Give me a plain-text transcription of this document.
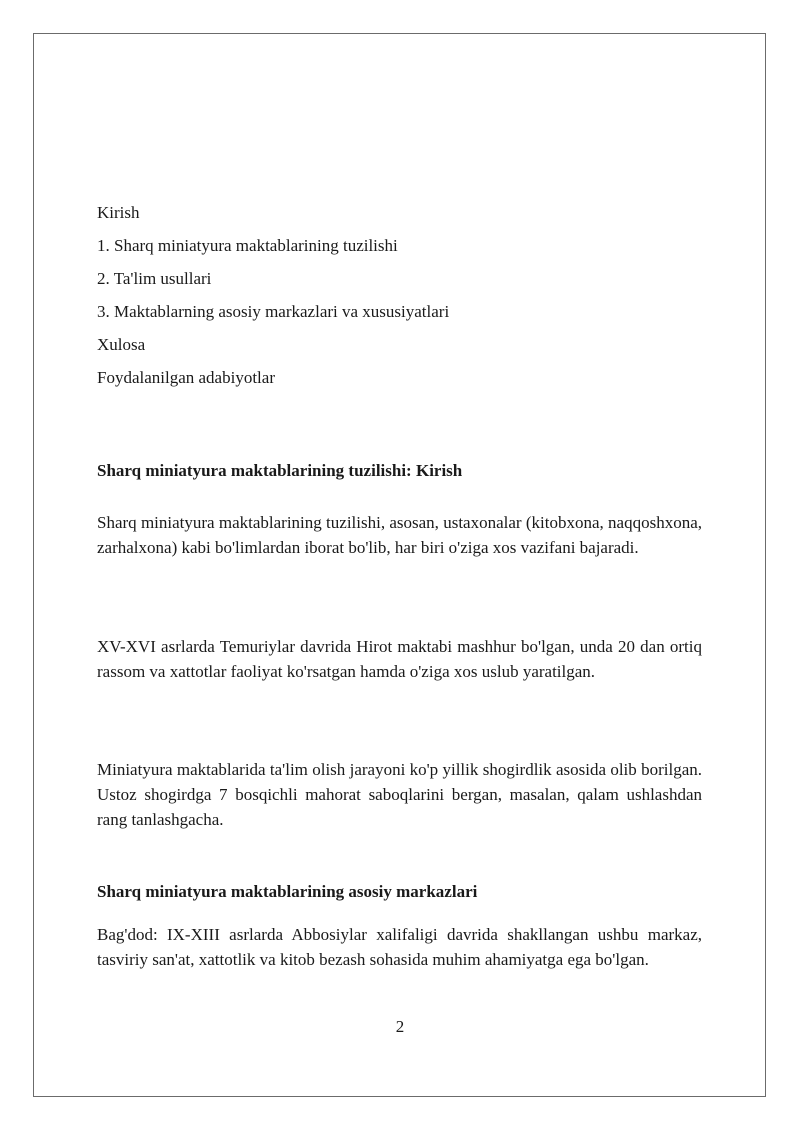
Kirish
1. Sharq miniatyura maktablarining tuzilishi
2. Ta'lim usullari
3. Maktablarning asosiy markazlari va xususiyatlari
Xulosa
Foydalanilgan adabiyotlar
Sharq miniatyura maktablarining tuzilishi: Kirish
Sharq miniatyura maktablarining tuzilishi, asosan, ustaxonalar (kitobxona, naqqoshxona, zarhalxona) kabi bo'limlardan iborat bo'lib, har biri o'ziga xos vazifani bajaradi.
XV-XVI asrlarda Temuriylar davrida Hirot maktabi mashhur bo'lgan, unda 20 dan ortiq rassom va xattotlar faoliyat ko'rsatgan hamda o'ziga xos uslub yaratilgan.
Miniatyura maktablarida ta'lim olish jarayoni ko'p yillik shogirdlik asosida olib borilgan. Ustoz shogirdga 7 bosqichli mahorat saboqlarini bergan, masalan, qalam ushlashdan rang tanlashgacha.
Sharq miniatyura maktablarining asosiy markazlari
Bag'dod: IX-XIII asrlarda Abbosiylar xalifaligi davrida shakllangan ushbu markaz, tasviriy san'at, xattotlik va kitob bezash sohasida muhim ahamiyatga ega bo'lgan.
2
